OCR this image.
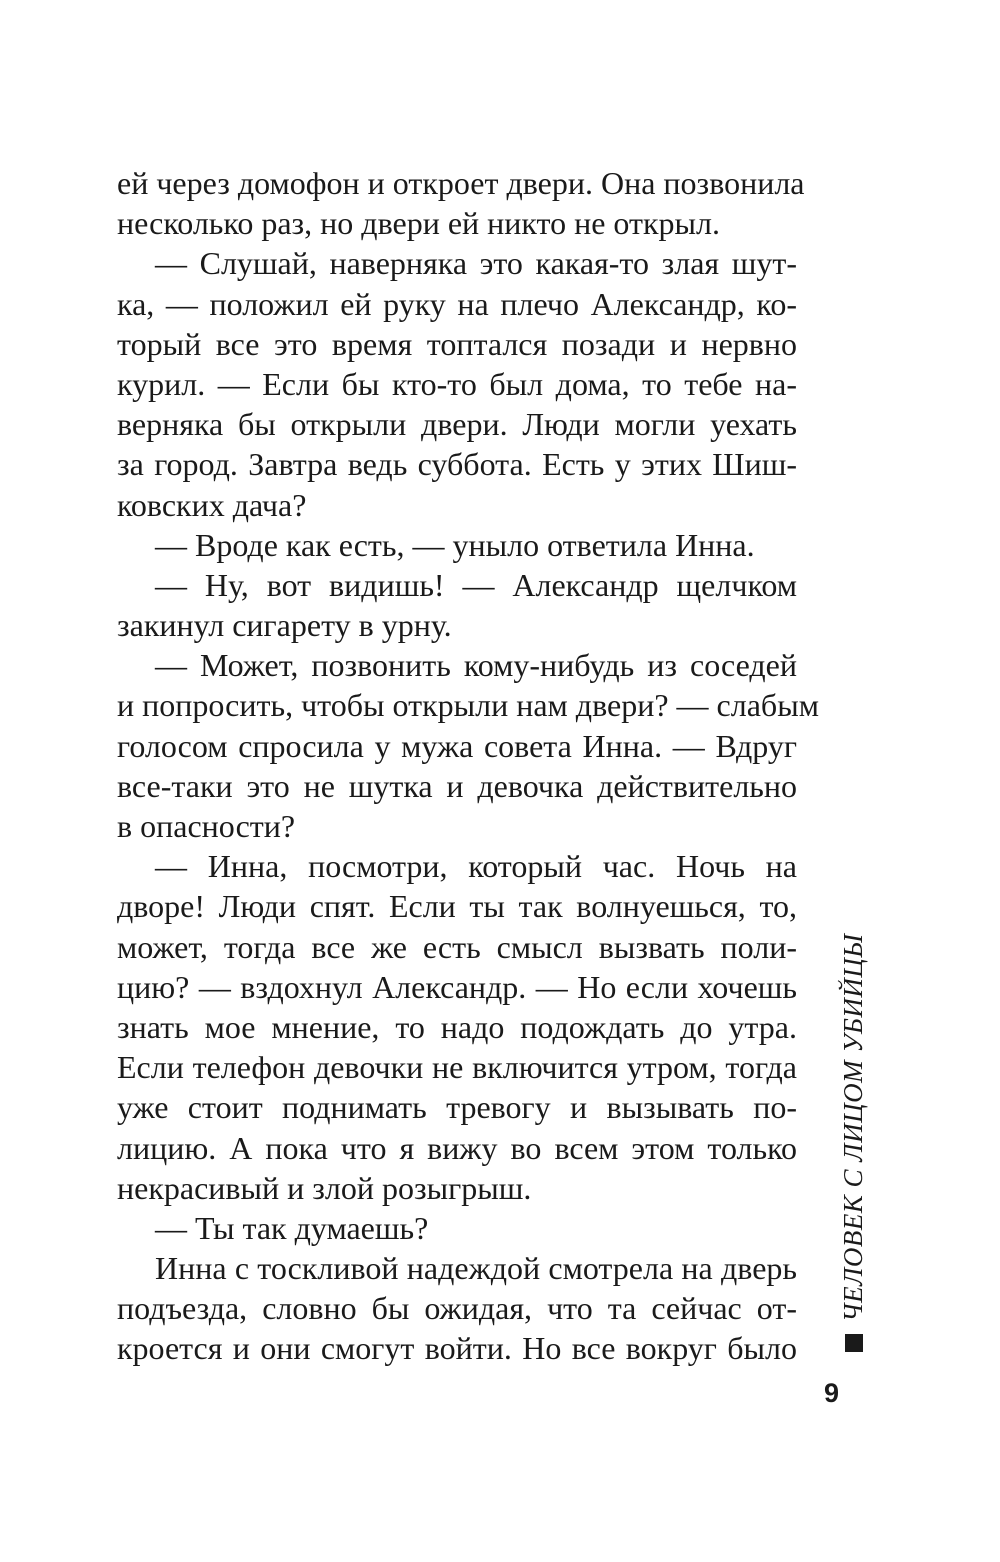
ей через домофон и откроет двери. Она позвонила
несколько раз, но двери ей никто не открыл.
— Слушай, наверняка это какая-то злая шут-
ка, — положил ей руку на плечо Александр, ко-
торый все это время топтался позади и нервно
курил. — Если бы кто-то был дома, то тебе на-
верняка бы открыли двери. Люди могли уехать
за город. Завтра ведь суббота. Есть у этих Шиш-
ковских дача?
— Вроде как есть, — уныло ответила Инна.
— Ну, вот видишь! — Александр щелчком
закинул сигарету в урну.
— Может, позвонить кому-нибудь из соседей
и попросить, чтобы открыли нам двери? — слабым
голосом спросила у мужа совета Инна. — Вдруг
все-таки это не шутка и девочка действительно
в опасности?
— Инна, посмотри, который час. Ночь на
дворе! Люди спят. Если ты так волнуешься, то,
может, тогда все же есть смысл вызвать поли-
цию? — вздохнул Александр. — Но если хочешь
знать мое мнение, то надо подождать до утра.
Если телефон девочки не включится утром, тогда
уже стоит поднимать тревогу и вызывать по-
лицию. А пока что я вижу во всем этом только
некрасивый и злой розыгрыш.
— Ты так думаешь?
Инна с тоскливой надеждой смотрела на дверь
подъезда, словно бы ожидая, что та сейчас от-
кроется и они смогут войти. Но все вокруг было
ЧЕЛОВЕК С ЛИЦОМ УБИЙЦЫ
9
